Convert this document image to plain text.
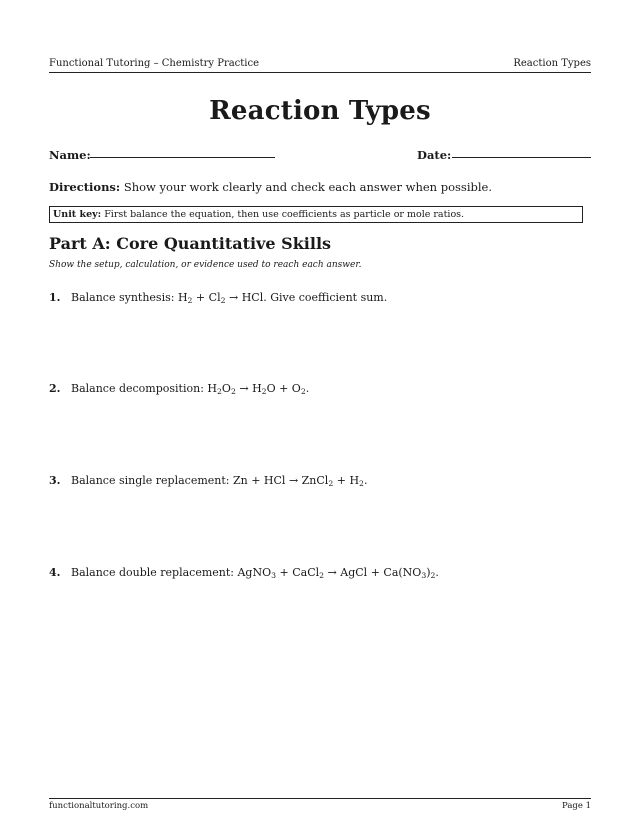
Functional Tutoring – Chemistry Practice	Reaction Types
Reaction Types
Name:	Date:
Directions: Show your work clearly and check each answer when possible.
Unit key: First balance the equation, then use coefficients as particle or mole ratios.
Part A: Core Quantitative Skills
Show the setup, calculation, or evidence used to reach each answer.
1. Balance synthesis: $H_2 + Cl_2$ → HCl. Give coefficient sum.
2. Balance decomposition: $H_2O_2 \to H_2O + O_2$.
3. Balance single replacement: Zn + HCl → ZnCl$_2$ + $H_2$.
4. Balance double replacement: AgNO$_3$ + CaCl$_2$ → AgCl + $Ca(NO_3)_2$.
functionaltutoring.com	Page 1
